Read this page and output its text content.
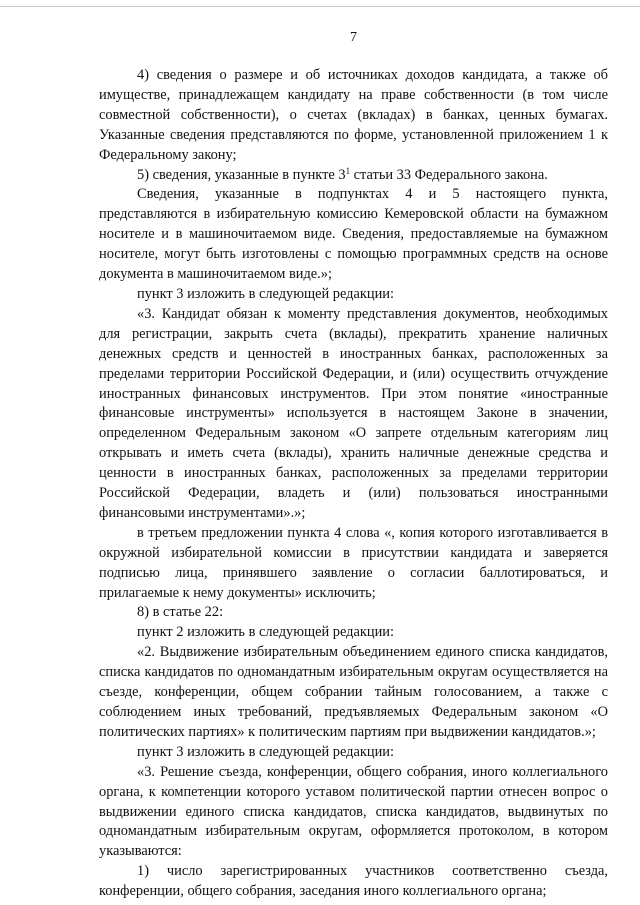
7

4) сведения о размере и об источниках доходов кандидата, а также об имуществе, принадлежащем кандидату на праве собственности (в том числе совместной собственности), о счетах (вкладах) в банках, ценных бумагах. Указанные сведения представляются по форме, установленной приложением 1 к Федеральному закону;

5) сведения, указанные в пункте $3^1$ статьи 33 Федерального закона.

Сведения, указанные в подпунктах 4 и 5 настоящего пункта, представляются в избирательную комиссию Кемеровской области на бумажном носителе и в машиночитаемом виде. Сведения, предоставляемые на бумажном носителе, могут быть изготовлены с помощью программных средств на основе документа в машиночитаемом виде.»;

пункт 3 изложить в следующей редакции:

«3. Кандидат обязан к моменту представления документов, необходимых для регистрации, закрыть счета (вклады), прекратить хранение наличных денежных средств и ценностей в иностранных банках, расположенных за пределами территории Российской Федерации, и (или) осуществить отчуждение иностранных финансовых инструментов. При этом понятие «иностранные финансовые инструменты» используется в настоящем Законе в значении, определенном Федеральным законом «О запрете отдельным категориям лиц открывать и иметь счета (вклады), хранить наличные денежные средства и ценности в иностранных банках, расположенных за пределами территории Российской Федерации, владеть и (или) пользоваться иностранными финансовыми инструментами».»;

в третьем предложении пункта 4 слова «, копия которого изготавливается в окружной избирательной комиссии в присутствии кандидата и заверяется подписью лица, принявшего заявление о согласии баллотироваться, и прилагаемые к нему документы» исключить;

8) в статье 22:

пункт 2 изложить в следующей редакции:

«2. Выдвижение избирательным объединением единого списка кандидатов, списка кандидатов по одномандатным избирательным округам осуществляется на съезде, конференции, общем собрании тайным голосованием, а также с соблюдением иных требований, предъявляемых Федеральным законом «О политических партиях» к политическим партиям при выдвижении кандидатов.»;

пункт 3 изложить в следующей редакции:

«3. Решение съезда, конференции, общего собрания, иного коллегиального органа, к компетенции которого уставом политической партии отнесен вопрос о выдвижении единого списка кандидатов, списка кандидатов, выдвинутых по одномандатным избирательным округам, оформляется протоколом, в котором указываются:

1) число зарегистрированных участников соответственно съезда, конференции, общего собрания, заседания иного коллегиального органа;
